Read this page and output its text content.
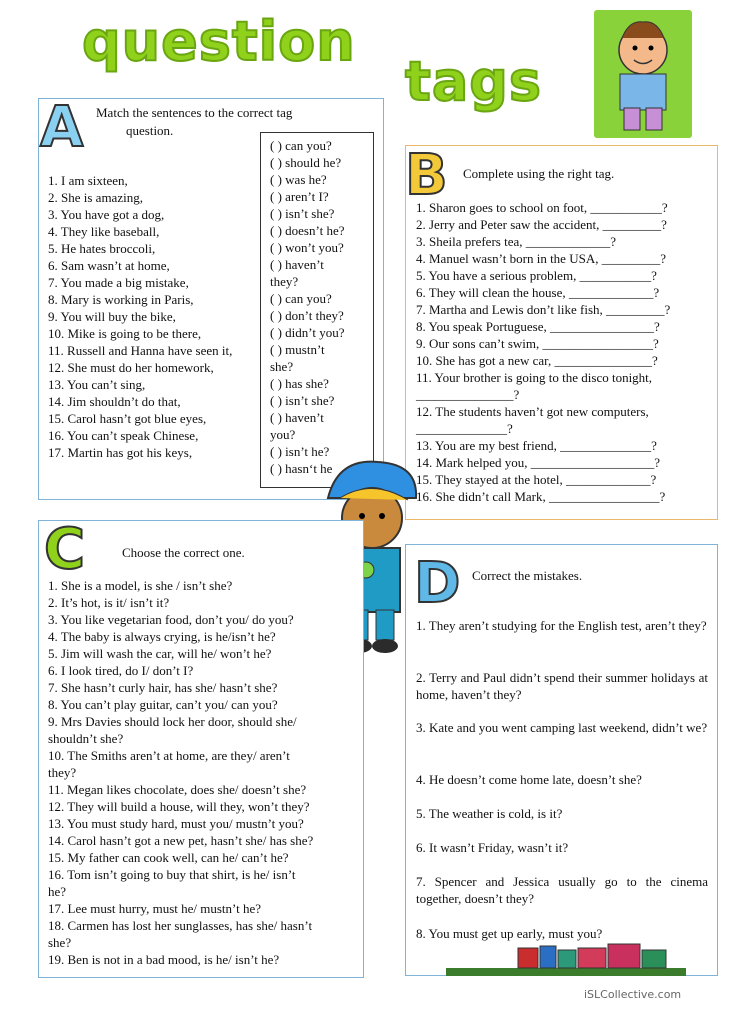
question
tags
A Match the sentences to the correct tag
question.
1. I am sixteen,
2. She is amazing,
3. You have got a dog,
4. They like baseball,
5. He hates broccoli,
6. Sam wasn’t at home,
7. You made a big mistake,
8. Mary is working in Paris,
9. You will buy the bike,
10. Mike is going to be there,
11. Russell and Hanna have seen it,
12. She must do her homework,
13. You can’t sing,
14. Jim shouldn’t do that,
15. Carol hasn’t got blue eyes,
16. You can’t speak Chinese,
17. Martin has got his keys,
( ) can you?
( ) should he?
( ) was he?
( ) aren’t I?
( ) isn’t she?
( ) doesn’t he?
( ) won’t you?
( ) haven’t
they?
( ) can you?
( ) don’t they?
( ) didn’t you?
( ) mustn’t
she?
( ) has she?
( ) isn’t she?
( ) haven’t
you?
( ) isn’t he?
( ) hasn‘t he
B Complete using the right tag.
1. Sharon goes to school on foot, ___________?
2. Jerry and Peter saw the accident, _________?
3. Sheila prefers tea, _____________?
4. Manuel wasn’t born in the USA, _________?
5. You have a serious problem, ___________?
6. They will clean the house, _____________?
7. Martha and Lewis don’t like fish, _________?
8. You speak Portuguese, ________________?
9. Our sons can’t swim, _________________?
10. She has got a new car, _______________?
11. Your brother is going to the disco tonight,
_______________?
12. The students haven’t got new computers,
______________?
13. You are my best friend, ______________?
14. Mark helped you, ___________________?
15. They stayed at the hotel, _____________?
16. She didn’t call Mark, _________________?
C	Choose the correct one.
1. She is a model, is she / isn’t she?
2. It’s hot, is it/ isn’t it?
3. You like vegetarian food, don’t you/ do you?
4. The baby is always crying, is he/isn’t he?
5. Jim will wash the car, will he/ won’t he?
6. I look tired, do I/ don’t I?
7. She hasn’t curly hair, has she/ hasn’t she?
8. You can’t play guitar, can’t you/ can you?
9. Mrs Davies should lock her door, should she/
shouldn’t she?
10. The Smiths aren’t at home, are they/ aren’t
they?
11. Megan likes chocolate, does she/ doesn’t she?
12. They will build a house, will they, won’t they?
13. You must study hard, must you/ mustn’t you?
14. Carol hasn’t got a new pet, hasn’t she/ has she?
15. My father can cook well, can he/ can’t he?
16. Tom isn’t going to buy that shirt, is he/ isn’t
he?
17. Lee must hurry, must he/ mustn’t he?
18. Carmen has lost her sunglasses, has she/ hasn’t
she?
19. Ben is not in a bad mood, is he/ isn’t he?
D Correct the mistakes.
1. They aren’t studying for the English test, aren’t they?
2. Terry and Paul didn’t spend their summer holidays at home, haven’t they?
3. Kate and you went camping last weekend, didn’t we?
4. He doesn’t come home late, doesn’t she?
5. The weather is cold, is it?
6. It wasn’t Friday, wasn’t it?
7. Spencer and Jessica usually go to the cinema together, doesn’t they?
8. You must get up early, must you?
iSLCollective.com
